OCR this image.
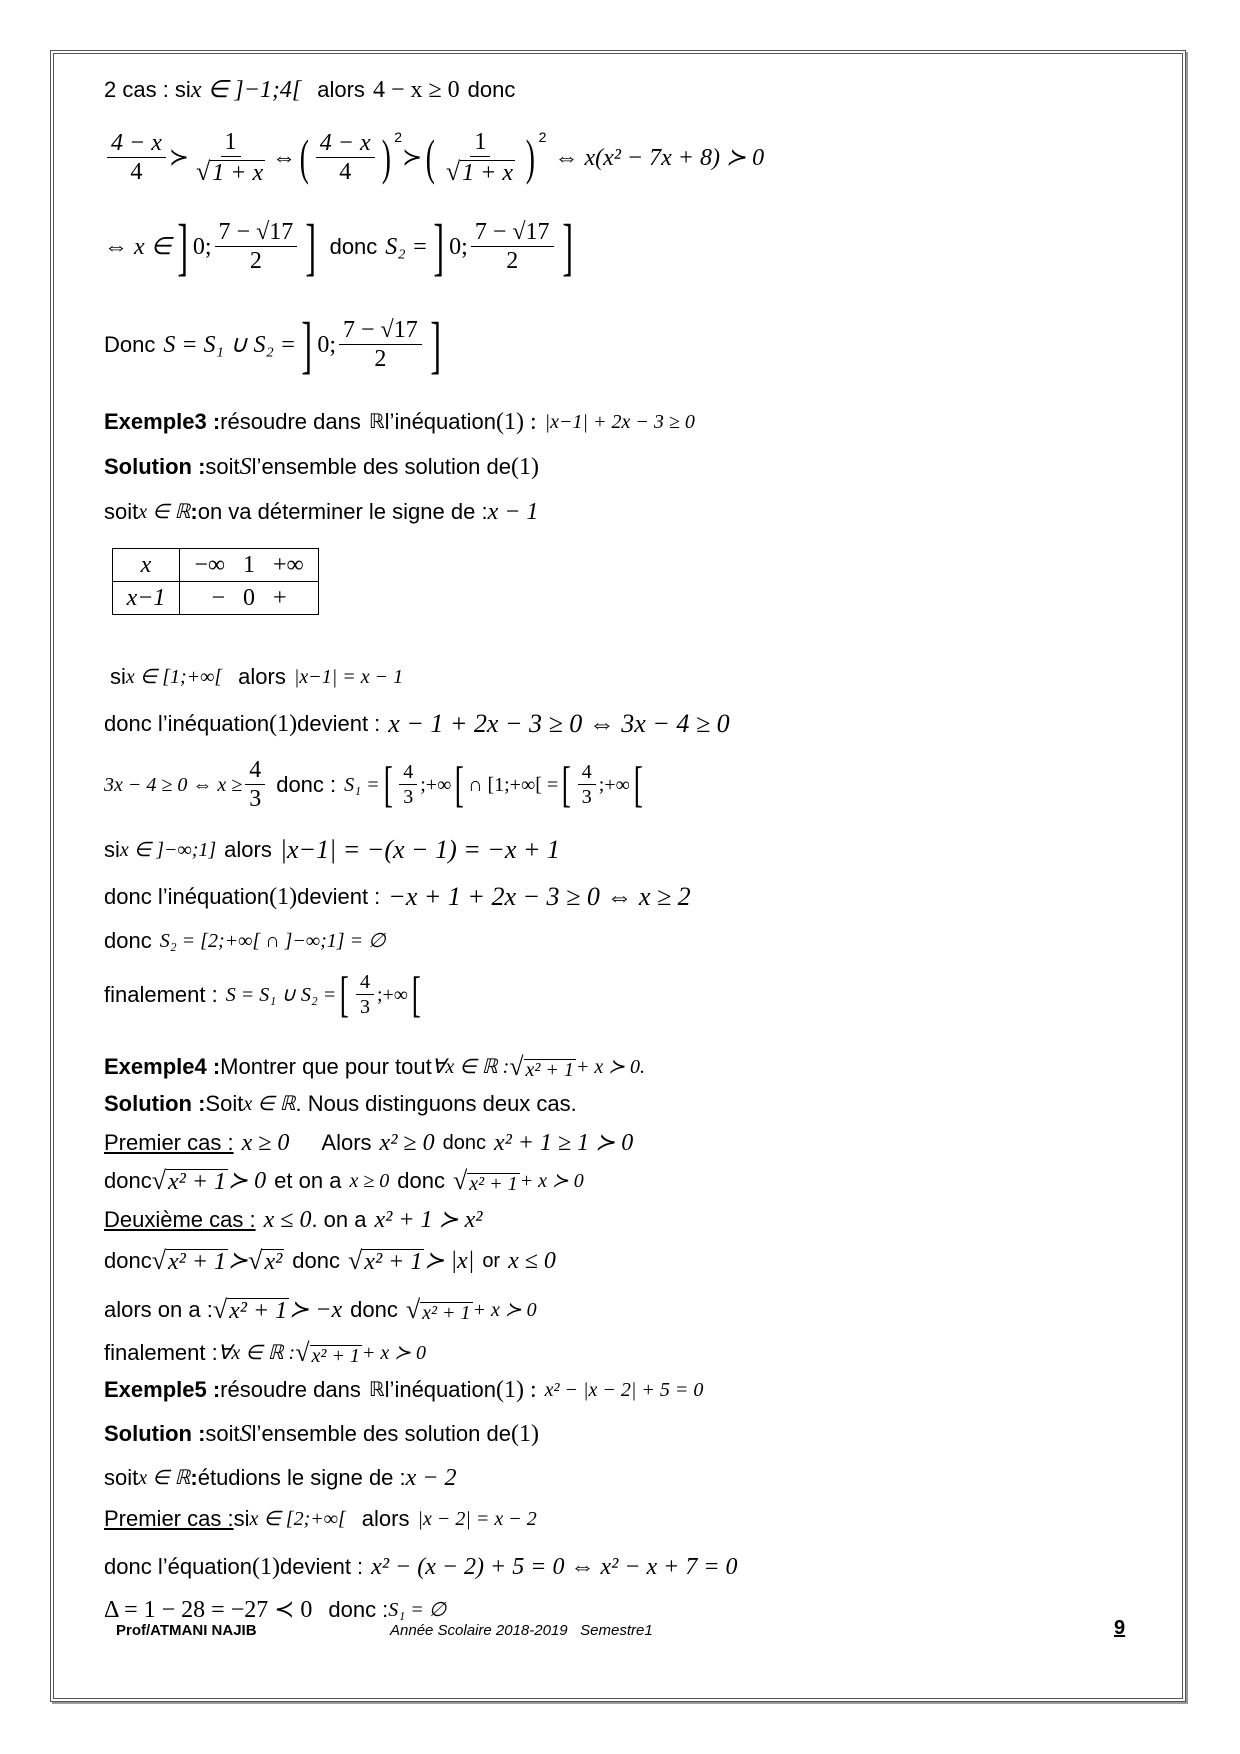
2 cas : si x ∈ ]−1;4[ alors 4 − x ≥ 0 donc
$\frac{4 - x}{4}$ ≻ $\frac{1}{√ 1 + x}$ ⇔ ( $\frac{4 - x}{4}$ ) $^2$
≻ ( $\frac{1}{√ 1 + x}$ ) $^2$
⇔ x(x² − 7x + 8) ≻ 0
⇔ x ∈ ] 0; $\frac{7 - √17}{2}$ ] donc S₂ = ] 0; $\frac{7 - √17}{2}$ ]
Donc S = S₁ ∪ S₂ = ] 0; $\frac{7 - √17}{2}$ ]
Exemple3 : résoudre dans ℝ l’inéquation (1) : |x−1| + 2x − 3 ≥ 0
Solution : soit S l’ensemble des solution de (1)
soit x ∈ ℝ : on va déterminer le signe de : x − 1
x	−∞   1   +∞
x−1	−   0   +
si x ∈ [1;+∞[ alors |x−1| = x − 1
donc l’inéquation (1) devient : x − 1 + 2x − 3 ≥ 0 ⇔ 3x − 4 ≥ 0
3x − 4 ≥ 0 ⇔ $x \ge \frac{4}{3}$ donc : S₁ = [ $\frac{4}{3}$ ;+∞ [ ∩ [1;+∞[ = [ $\frac{4}{3}$ ;+∞ [
si x ∈ ]−∞;1] alors |x−1| = −(x − 1) = −x + 1
donc l’inéquation (1) devient : −x + 1 + 2x − 3 ≥ 0 ⇔ x ≥ 2
donc S₂ = [2;+∞[ ∩ ]−∞;1] = ∅
finalement : S = S₁ ∪ S₂ = [ $\frac{4}{3}$ ;+∞ [
Exemple4 : Montrer que pour tout ∀x ∈ ℝ : √ x² + 1 + x ≻ 0.
Solution : Soit x ∈ ℝ . Nous distinguons deux cas.
Premier cas : x ≥ 0 Alors x² ≥ 0 donc x² + 1 ≥ 1 ≻ 0
donc √ x² + 1 ≻ 0 et on a x ≥ 0 donc √ x² + 1 + x ≻ 0
Deuxième cas : x ≤ 0 . on a x² + 1 ≻ x²
donc √ x² + 1 ≻ √ x² donc √ x² + 1 ≻ |x| or x ≤ 0
alors on a : √ x² + 1 ≻ −x donc √ x² + 1 + x ≻ 0
finalement : ∀x ∈ ℝ : √ x² + 1 + x ≻ 0
Exemple5 : résoudre dans ℝ l’inéquation (1) : x² − |x − 2| + 5 = 0
Solution : soit S l’ensemble des solution de (1)
soit x ∈ ℝ : étudions le signe de : x − 2
Premier cas : si x ∈ [2;+∞[ alors |x − 2| = x − 2
donc l’équation (1) devient : x² − (x − 2) + 5 = 0 ⇔ x² − x + 7 = 0
Δ = 1 − 28 = −27 ≺ 0 donc : S₁ = ∅
Prof/ATMANI NAJIB	Année Scolaire 2018-2019   Semestre1	9
